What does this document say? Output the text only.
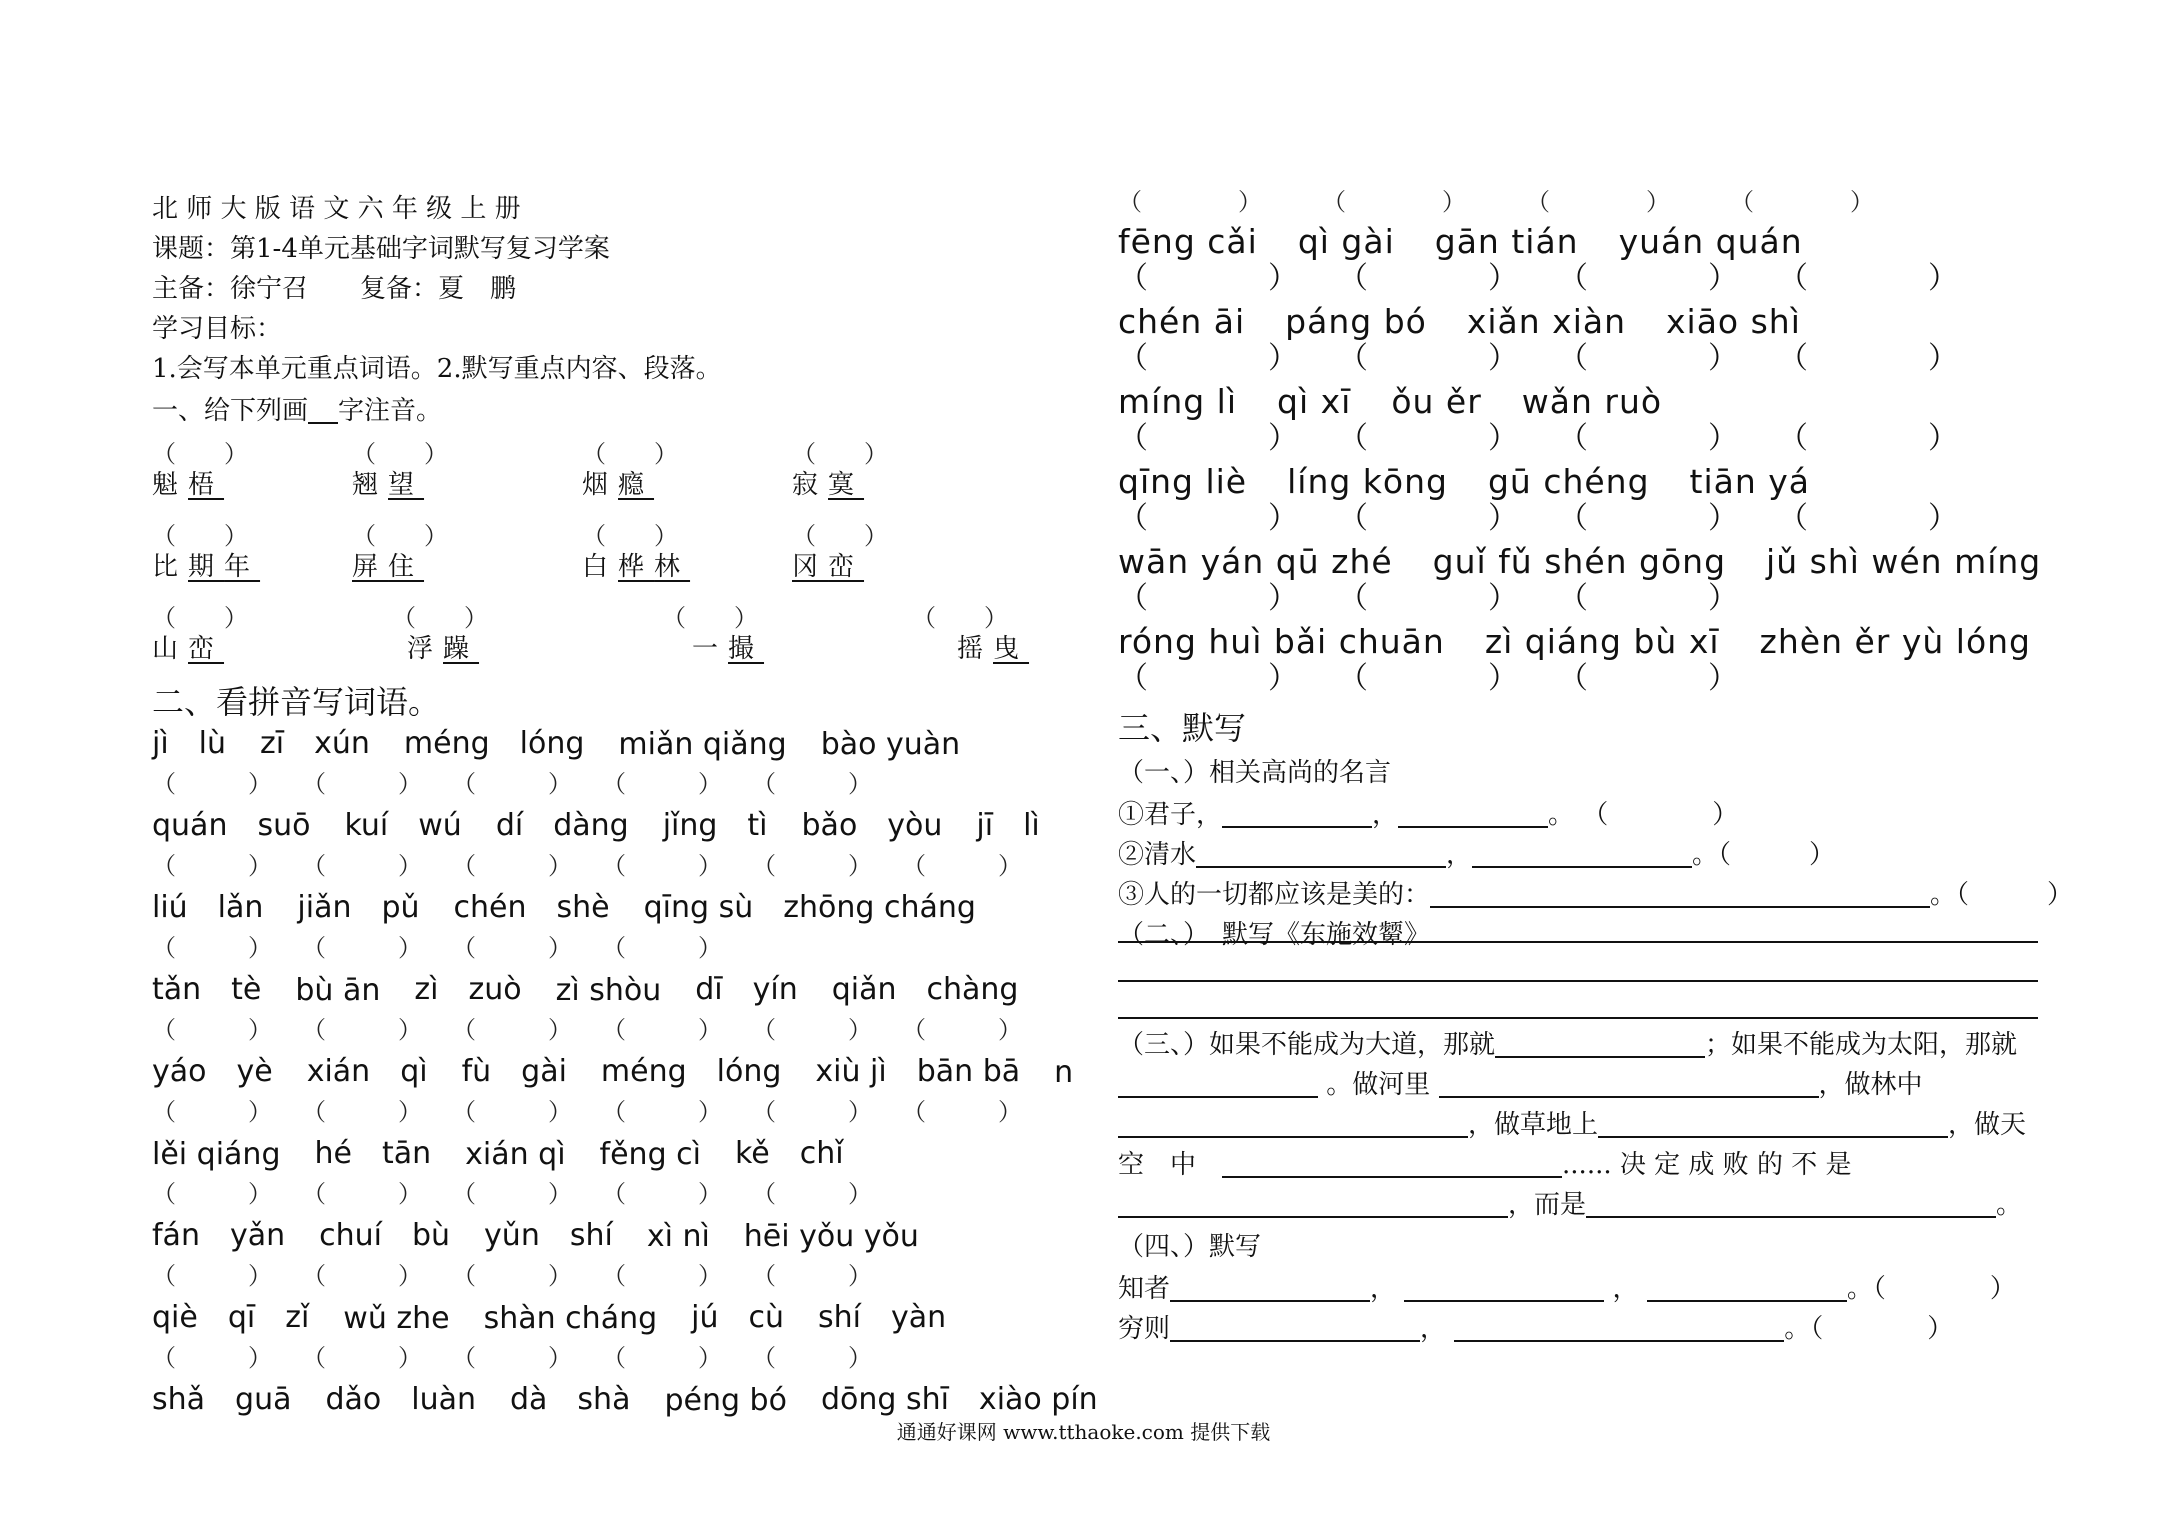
北 师 大 版 语 文 六 年 级 上 册
课题：第1-4单元基础字词默写复习学案
主备：徐宁召　　复备：夏　鹏
学习目标：
1.会写本单元重点词语。2.默写重点内容、段落。
一、给下列画 字注音。
（　　）	（　　）	（　　）	（　　）
魁梧	翘望	烟瘾	寂寞
（　　）	（　　）	（　　）	（　　）
比期年	屏住	白桦林	冈峦
（　　）	（　　）	（　　）	（　　）
山峦	浮躁	一撮	摇曳
二、看拼音写词语。
jì　lù zī　xún méng　lóng miǎn qiǎng bào yuàn
（　　　） （　　　） （　　　） （　　　） （　　　）
quán　suō kuí　wú dí　dàng jǐng　tì bǎo　yòu jī　lì
（　　　） （　　　） （　　　） （　　　） （　　　） （　　　）
liú　lǎn jiǎn　pǔ chén　shè qīng sù　zhōng cháng
（　　　） （　　　） （　　　） （　　　）
tǎn　tè bù ān zì　zuò zì shòu dī　yín qiǎn　chàng
（　　　） （　　　） （　　　） （　　　） （　　　） （　　　）
yáo　yè xián　qì fù　gài méng　lóng xiù jì　bān bā n
（　　　） （　　　） （　　　） （　　　） （　　　） （　　　）
lěi qiáng hé　tān xián qì fěng cì kě　chǐ
（　　　） （　　　） （　　　） （　　　） （　　　）
fán　yǎn chuí　bù yǔn　shí xì nì hēi yǒu yǒu
（　　　） （　　　） （　　　） （　　　） （　　　）
qiè　qī　zǐ wǔ zhe shàn cháng jú　cù shí　yàn
（　　　） （　　　） （　　　） （　　　） （　　　）
shǎ　guā dǎo　luàn dà　shà péng bó dōng shī　xiào pín
（　　　　）	（　　　　）	（　　　　）	（　　　　）
fēng cǎi qì gài gān tián yuán quán
（　　　　） （　　　　） （　　　　） （　　　　）
chén āi páng bó xiǎn xiàn xiāo shì
（　　　　） （　　　　） （　　　　） （　　　　）
míng lì qì xī ǒu ěr wǎn ruò
（　　　　） （　　　　） （　　　　） （　　　　）
qīng liè líng kōng gū chéng tiān yá
（　　　　） （　　　　） （　　　　） （　　　　）
wān yán qū zhé guǐ fǔ shén gōng jǔ shì wén míng
（　　　　） （　　　　） （　　　　）
róng huì bǎi chuān zì qiáng bù xī zhèn ěr yù lóng
（　　　　） （　　　　） （　　　　）
三、默写
（一、）相关高尚的名言
①君子，	，	。 （　　　　）
②清水	，	。（　　　）
③人的一切都应该是美的：	。（　　　）
（二、）　默写《东施效颦》
（三、）如果不能成为大道，那就	；如果不能成为太阳，那就
。做河里	，做林中
，做草地上	，做天
空　中　	...... 决 定 成 败 的 不 是
，而是	。
（四、）默写
知者	，	，	。（　　　　）
穷则	，	。（　　　　）
通通好课网 www.tthaoke.com 提供下载
